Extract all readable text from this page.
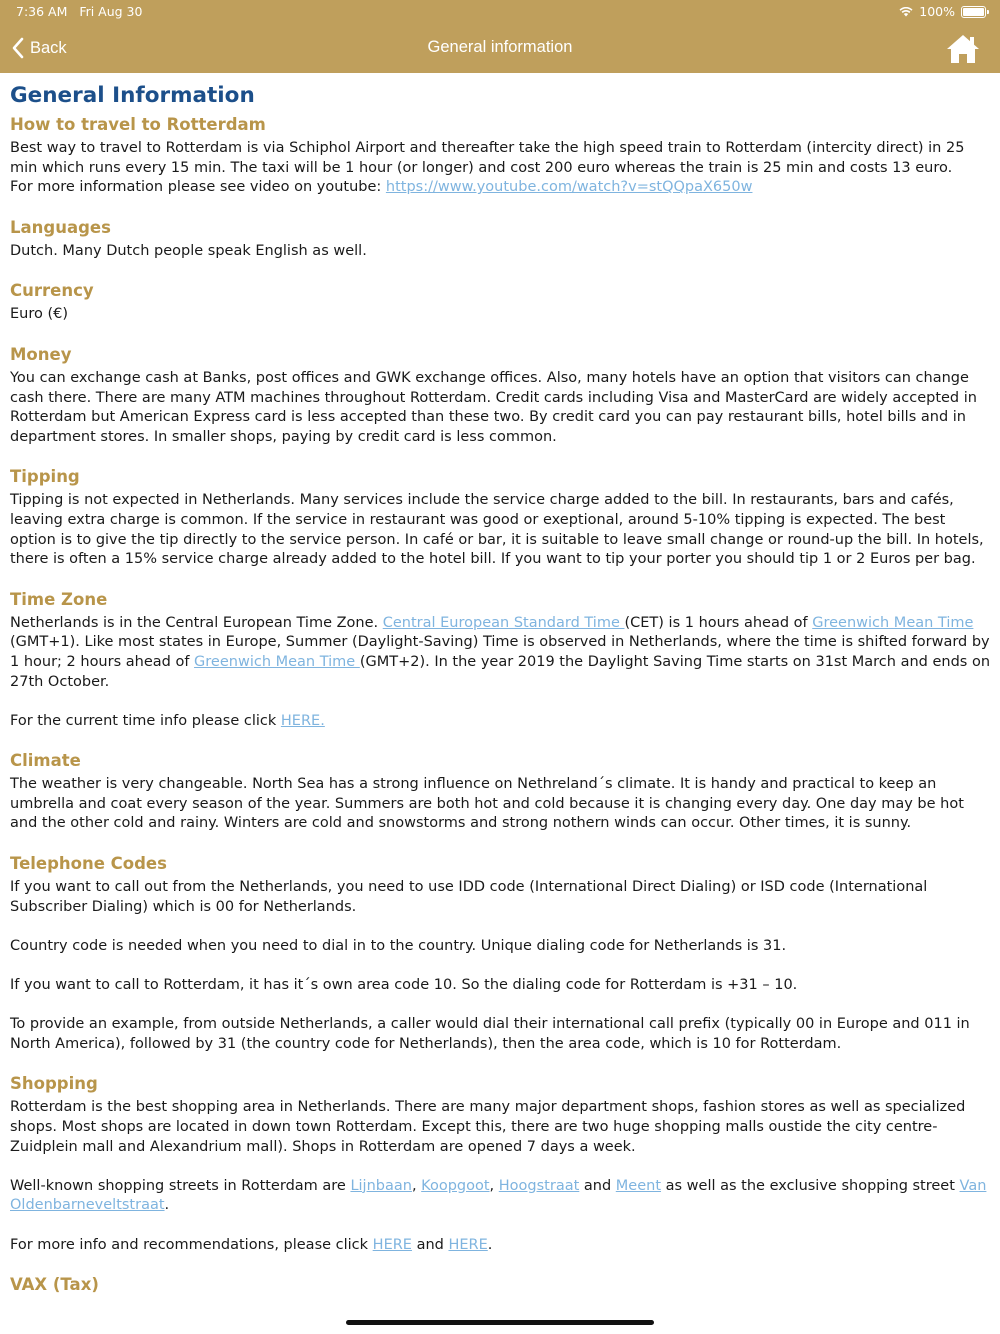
7:36 AM Fri Aug 30	100%
Back	General information
General Information
How to travel to Rotterdam

Best way to travel to Rotterdam is via Schiphol Airport and thereafter take the high speed train to Rotterdam (intercity direct) in 25 min which runs every 15 min. The taxi will be 1 hour (or longer) and cost 200 euro whereas the train is 25 min and costs 13 euro.
For more information please see video on youtube: https://www.youtube.com/watch?v=stQQpaX650w

Languages

Dutch. Many Dutch people speak English as well.

Currency

Euro (€)

Money

You can exchange cash at Banks, post offices and GWK exchange offices. Also, many hotels have an option that visitors can change cash there. There are many ATM machines throughout Rotterdam. Credit cards including Visa and MasterCard are widely accepted in Rotterdam but American Express card is less accepted than these two. By credit card you can pay restaurant bills, hotel bills and in department stores. In smaller shops, paying by credit card is less common.

Tipping

Tipping is not expected in Netherlands. Many services include the service charge added to the bill. In restaurants, bars and cafés, leaving extra charge is common. If the service in restaurant was good or exeptional, around 5-10% tipping is expected. The best option is to give the tip directly to the service person. In café or bar, it is suitable to leave small change or round-up the bill. In hotels, there is often a 15% service charge already added to the hotel bill. If you want to tip your porter you should tip 1 or 2 Euros per bag.

Time Zone

Netherlands is in the Central European Time Zone. Central European Standard Time (CET) is 1 hours ahead of Greenwich Mean Time (GMT+1). Like most states in Europe, Summer (Daylight-Saving) Time is observed in Netherlands, where the time is shifted forward by 1 hour; 2 hours ahead of Greenwich Mean Time (GMT+2). In the year 2019 the Daylight Saving Time starts on 31st March and ends on 27th October.

For the current time info please click HERE.

Climate

The weather is very changeable. North Sea has a strong influence on Nethreland´s climate. It is handy and practical to keep an umbrella and coat every season of the year. Summers are both hot and cold because it is changing every day. One day may be hot and the other cold and rainy. Winters are cold and snowstorms and strong nothern winds can occur. Other times, it is sunny.

Telephone Codes

If you want to call out from the Netherlands, you need to use IDD code (International Direct Dialing) or ISD code (International Subscriber Dialing) which is 00 for Netherlands.

Country code is needed when you need to dial in to the country. Unique dialing code for Netherlands is 31.

If you want to call to Rotterdam, it has it´s own area code 10. So the dialing code for Rotterdam is +31 – 10.

To provide an example, from outside Netherlands, a caller would dial their international call prefix (typically 00 in Europe and 011 in North America), followed by 31 (the country code for Netherlands), then the area code, which is 10 for Rotterdam.

Shopping

Rotterdam is the best shopping area in Netherlands. There are many major department shops, fashion stores as well as specialized shops. Most shops are located in down town Rotterdam. Except this, there are two huge shopping malls oustide the city centre- Zuidplein mall and Alexandrium mall). Shops in Rotterdam are opened 7 days a week.

Well-known shopping streets in Rotterdam are Lijnbaan, Koopgoot, Hoogstraat and Meent as well as the exclusive shopping street Van Oldenbarneveltstraat.

For more info and recommendations, please click HERE and HERE.

VAX (Tax)
